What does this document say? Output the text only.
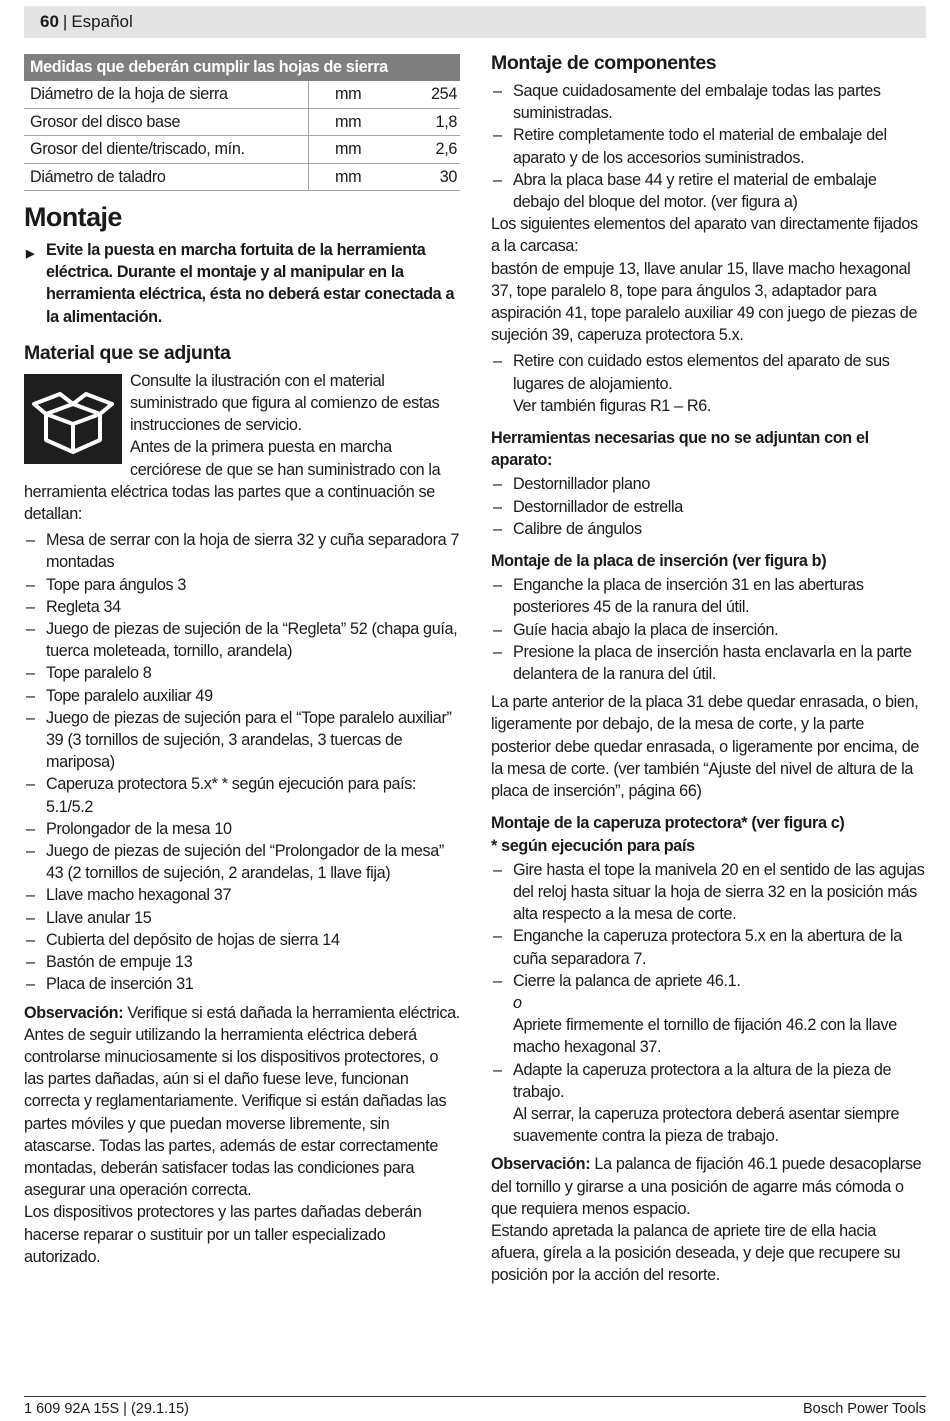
60 | Español
Medidas que deberán cumplir las hojas de sierra		
Diámetro de la hoja de sierra	mm	254
Grosor del disco base	mm	1,8
Grosor del diente/triscado, mín.	mm	2,6
Diámetro de taladro	mm	30
Montaje
▶ Evite la puesta en marcha fortuita de la herramienta eléctrica. Durante el montaje y al manipular en la herramienta eléctrica, ésta no deberá estar conectada a la alimentación.
Material que se adjunta

Consulte la ilustración con el material suministrado que figura al comienzo de estas instrucciones de servicio.

Antes de la primera puesta en marcha cerciórese de que se han suministrado con la herramienta eléctrica todas las partes que a continuación se detallan:

– Mesa de serrar con la hoja de sierra 32 y cuña separadora 7 montadas
– Tope para ángulos 3
– Regleta 34
– Juego de piezas de sujeción de la “Regleta” 52 (chapa guía, tuerca moleteada, tornillo, arandela)
– Tope paralelo 8
– Tope paralelo auxiliar 49
– Juego de piezas de sujeción para el “Tope paralelo auxiliar” 39 (3 tornillos de sujeción, 3 arandelas, 3 tuercas de mariposa)
– Caperuza protectora 5.x* * según ejecución para país: 5.1/5.2
– Prolongador de la mesa 10
– Juego de piezas de sujeción del “Prolongador de la mesa” 43 (2 tornillos de sujeción, 2 arandelas, 1 llave fija)
– Llave macho hexagonal 37
– Llave anular 15
– Cubierta del depósito de hojas de sierra 14
– Bastón de empuje 13
– Placa de inserción 31

Observación: Verifique si está dañada la herramienta eléctrica.

Antes de seguir utilizando la herramienta eléctrica deberá controlarse minuciosamente si los dispositivos protectores, o las partes dañadas, aún si el daño fuese leve, funcionan correcta y reglamentariamente. Verifique si están dañadas las partes móviles y que puedan moverse libremente, sin atascarse. Todas las partes, además de estar correctamente montadas, deberán satisfacer todas las condiciones para asegurar una operación correcta.

Los dispositivos protectores y las partes dañadas deberán hacerse reparar o sustituir por un taller especializado autorizado.

Montaje de componentes
– Saque cuidadosamente del embalaje todas las partes suministradas.
– Retire completamente todo el material de embalaje del aparato y de los accesorios suministrados.
– Abra la placa base 44 y retire el material de embalaje debajo del bloque del motor. (ver figura a)

Los siguientes elementos del aparato van directamente fijados a la carcasa:

bastón de empuje 13, llave anular 15, llave macho hexagonal 37, tope paralelo 8, tope para ángulos 3, adaptador para aspiración 41, tope paralelo auxiliar 49 con juego de piezas de sujeción 39, caperuza protectora 5.x.

– Retire con cuidado estos elementos del aparato de sus lugares de alojamiento.
Ver también figuras R1 – R6.
Herramientas necesarias que no se adjuntan con el aparato:
– Destornillador plano
– Destornillador de estrella
– Calibre de ángulos
Montaje de la placa de inserción (ver figura b)
– Enganche la placa de inserción 31 en las aberturas posteriores 45 de la ranura del útil.
– Guíe hacia abajo la placa de inserción.
– Presione la placa de inserción hasta enclavarla en la parte delantera de la ranura del útil.

La parte anterior de la placa 31 debe quedar enrasada, o bien, ligeramente por debajo, de la mesa de corte, y la parte posterior debe quedar enrasada, o ligeramente por encima, de la mesa de corte. (ver también “Ajuste del nivel de altura de la placa de inserción”, página 66)

Montaje de la caperuza protectora* (ver figura c)

* según ejecución para país

– Gire hasta el tope la manivela 20 en el sentido de las agujas del reloj hasta situar la hoja de sierra 32 en la posición más alta respecto a la mesa de corte.
– Enganche la caperuza protectora 5.x en la abertura de la cuña separadora 7.
– Cierre la palanca de apriete 46.1.
o
Apriete firmemente el tornillo de fijación 46.2 con la llave macho hexagonal 37.
– Adapte la caperuza protectora a la altura de la pieza de trabajo.
Al serrar, la caperuza protectora deberá asentar siempre suavemente contra la pieza de trabajo.

Observación: La palanca de fijación 46.1 puede desacoplarse del tornillo y girarse a una posición de agarre más cómoda o que requiera menos espacio.

Estando apretada la palanca de apriete tire de ella hacia afuera, gírela a la posición deseada, y deje que recupere su posición por la acción del resorte.

1 609 92A 15S | (29.1.15)	Bosch Power Tools
